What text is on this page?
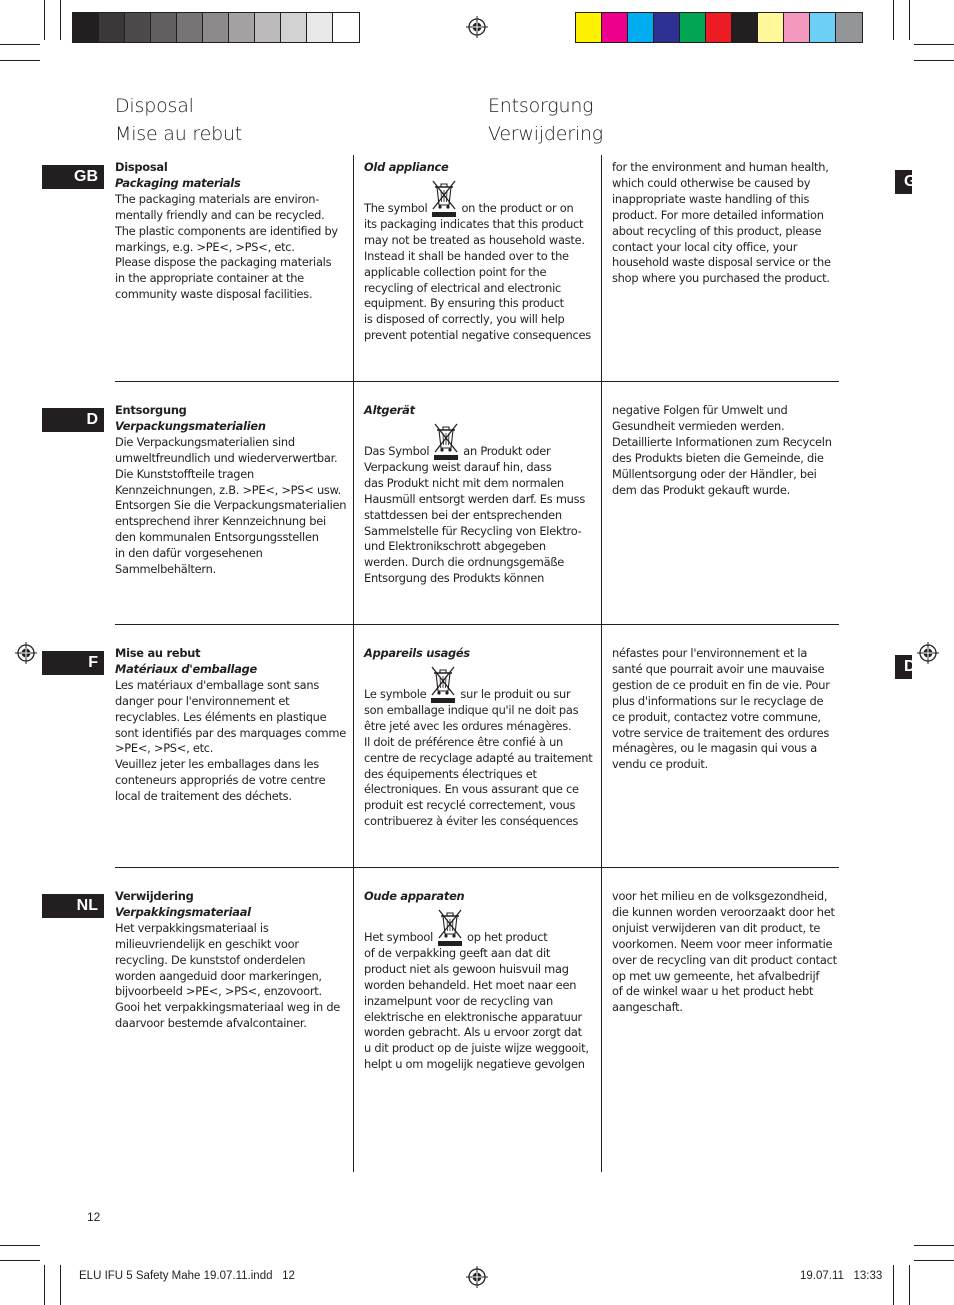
Disposal
Mise au rebut
Entsorgung
Verwijdering
G
D
GB

Disposal

Packaging materials

The packaging materials are environ-
mentally friendly and can be recycled.
The plastic components are identified by
markings, e.g. >PE<, >PS<, etc.
Please dispose the packaging materials
in the appropriate container at the
community waste disposal facilities.

Old appliance

The symbol	on the product or on

its packaging indicates that this product
may not be treated as household waste.
Instead it shall be handed over to the
applicable collection point for the
recycling of electrical and electronic
equipment. By ensuring this product
is disposed of correctly, you will help
prevent potential negative consequences

for the environment and human health,
which could otherwise be caused by
inappropriate waste handling of this
product. For more detailed information
about recycling of this product, please
contact your local city office, your
household waste disposal service or the
shop where you purchased the product.

D

Entsorgung

Verpackungsmaterialien

Die Verpackungsmaterialien sind
umweltfreundlich und wiederverwertbar.
Die Kunststoffteile tragen
Kennzeichnungen, z.B. >PE<, >PS< usw.
Entsorgen Sie die Verpackungsmaterialien
entsprechend ihrer Kennzeichnung bei
den kommunalen Entsorgungsstellen
in den dafür vorgesehenen
Sammelbehältern.

Altgerät

Das Symbol	an Produkt oder

Verpackung weist darauf hin, dass
das Produkt nicht mit dem normalen
Hausmüll entsorgt werden darf. Es muss
stattdessen bei der entsprechenden
Sammelstelle für Recycling von Elektro-
und Elektronikschrott abgegeben
werden. Durch die ordnungsgemäße
Entsorgung des Produkts können

negative Folgen für Umwelt und
Gesundheit vermieden werden.
Detaillierte Informationen zum Recyceln
des Produkts bieten die Gemeinde, die
Müllentsorgung oder der Händler, bei
dem das Produkt gekauft wurde.

F

Mise au rebut

Matériaux d'emballage

Les matériaux d'emballage sont sans
danger pour l'environnement et
recyclables. Les éléments en plastique
sont identifiés par des marquages comme
>PE<, >PS<, etc.
Veuillez jeter les emballages dans les
conteneurs appropriés de votre centre
local de traitement des déchets.

Appareils usagés

Le symbole	sur le produit ou sur

son emballage indique qu'il ne doit pas
être jeté avec les ordures ménagères.
Il doit de préférence être confié à un
centre de recyclage adapté au traitement
des équipements électriques et
électroniques. En vous assurant que ce
produit est recyclé correctement, vous
contribuerez à éviter les conséquences

néfastes pour l'environnement et la
santé que pourrait avoir une mauvaise
gestion de ce produit en fin de vie. Pour
plus d'informations sur le recyclage de
ce produit, contactez votre commune,
votre service de traitement des ordures
ménagères, ou le magasin qui vous a
vendu ce produit.

NL

Verwijdering

Verpakkingsmateriaal

Het verpakkingsmateriaal is
milieuvriendelijk en geschikt voor
recycling. De kunststof onderdelen
worden aangeduid door markeringen,
bijvoorbeeld >PE<, >PS<, enzovoort.
Gooi het verpakkingsmateriaal weg in de
daarvoor bestemde afvalcontainer.

Oude apparaten

Het symbool	op het product

of de verpakking geeft aan dat dit
product niet als gewoon huisvuil mag
worden behandeld. Het moet naar een
inzamelpunt voor de recycling van
elektrische en elektronische apparatuur
worden gebracht. Als u ervoor zorgt dat
u dit product op de juiste wijze weggooit,
helpt u om mogelijk negatieve gevolgen

voor het milieu en de volksgezondheid,
die kunnen worden veroorzaakt door het
onjuist verwijderen van dit product, te
voorkomen. Neem voor meer informatie
over de recycling van dit product contact
op met uw gemeente, het afvalbedrijf
of de winkel waar u het product hebt
aangeschaft.

12
ELU IFU 5 Safety Mahe 19.07.11.indd   12	19.07.11   13:33
